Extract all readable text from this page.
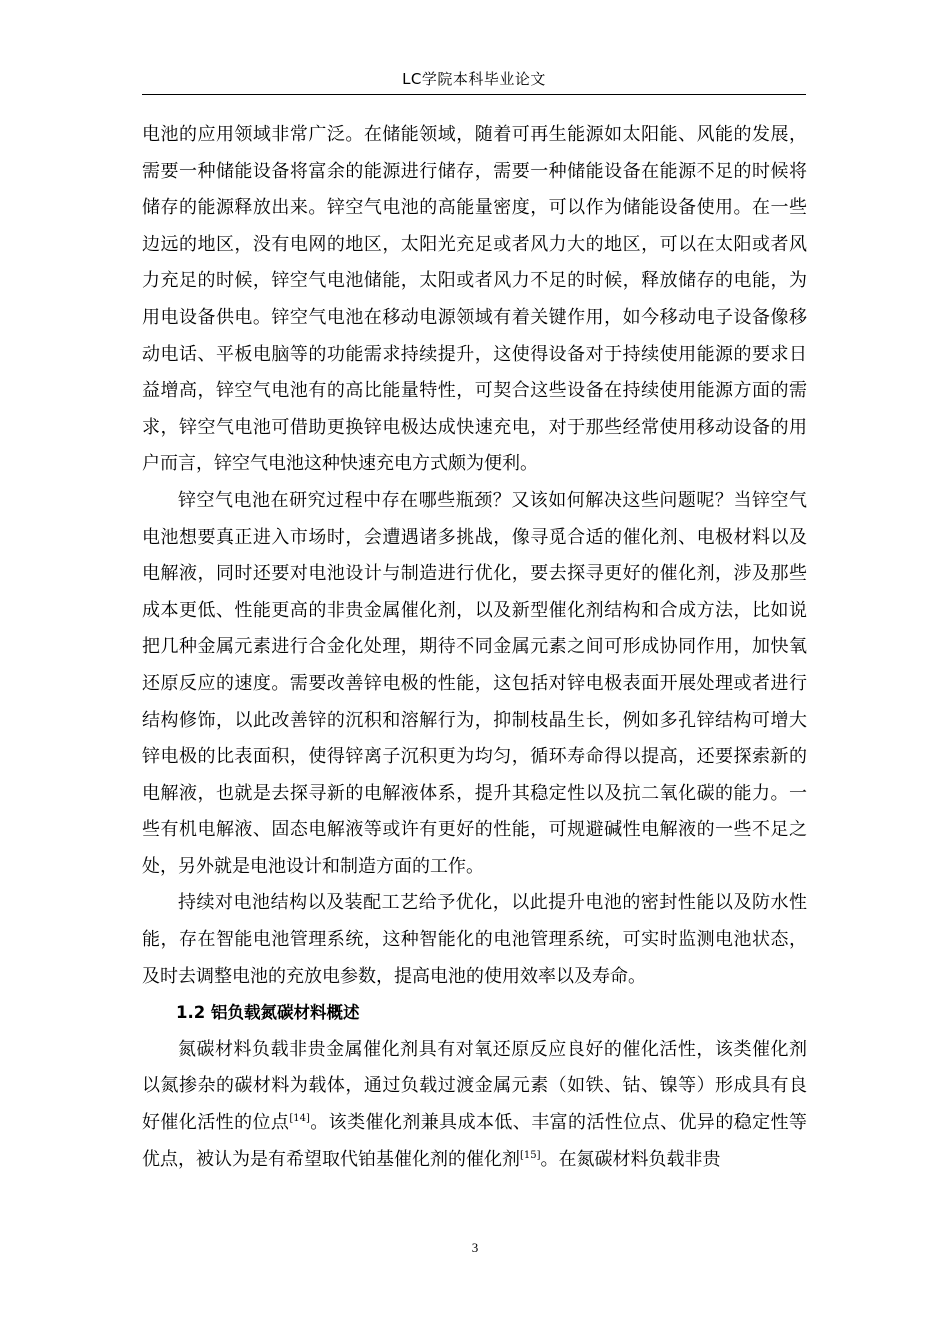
LC学院本科毕业论文

电池的应用领域非常广泛。在储能领域，随着可再生能源如太阳能、风能的发展，需要一种储能设备将富余的能源进行储存，需要一种储能设备在能源不足的时候将储存的能源释放出来。锌空气电池的高能量密度，可以作为储能设备使用。在一些边远的地区，没有电网的地区，太阳光充足或者风力大的地区，可以在太阳或者风力充足的时候，锌空气电池储能，太阳或者风力不足的时候，释放储存的电能，为用电设备供电。锌空气电池在移动电源领域有着关键作用，如今移动电子设备像移动电话、平板电脑等的功能需求持续提升，这使得设备对于持续使用能源的要求日益增高，锌空气电池有的高比能量特性，可契合这些设备在持续使用能源方面的需求，锌空气电池可借助更换锌电极达成快速充电，对于那些经常使用移动设备的用户而言，锌空气电池这种快速充电方式颇为便利。

锌空气电池在研究过程中存在哪些瓶颈？又该如何解决这些问题呢？当锌空气电池想要真正进入市场时，会遭遇诸多挑战，像寻觅合适的催化剂、电极材料以及电解液，同时还要对电池设计与制造进行优化，要去探寻更好的催化剂，涉及那些成本更低、性能更高的非贵金属催化剂，以及新型催化剂结构和合成方法，比如说把几种金属元素进行合金化处理，期待不同金属元素之间可形成协同作用，加快氧还原反应的速度。需要改善锌电极的性能，这包括对锌电极表面开展处理或者进行结构修饰，以此改善锌的沉积和溶解行为，抑制枝晶生长，例如多孔锌结构可增大锌电极的比表面积，使得锌离子沉积更为均匀，循环寿命得以提高，还要探索新的电解液，也就是去探寻新的电解液体系，提升其稳定性以及抗二氧化碳的能力。一些有机电解液、固态电解液等或许有更好的性能，可规避碱性电解液的一些不足之处，另外就是电池设计和制造方面的工作。

持续对电池结构以及装配工艺给予优化，以此提升电池的密封性能以及防水性能，存在智能电池管理系统，这种智能化的电池管理系统，可实时监测电池状态，及时去调整电池的充放电参数，提高电池的使用效率以及寿命。

1.2 铝负载氮碳材料概述

氮碳材料负载非贵金属催化剂具有对氧还原反应良好的催化活性，该类催化剂以氮掺杂的碳材料为载体，通过负载过渡金属元素（如铁、钴、镍等）形成具有良好催化活性的位点[14]。该类催化剂兼具成本低、丰富的活性位点、优异的稳定性等优点，被认为是有希望取代铂基催化剂的催化剂[15]。在氮碳材料负载非贵

3
